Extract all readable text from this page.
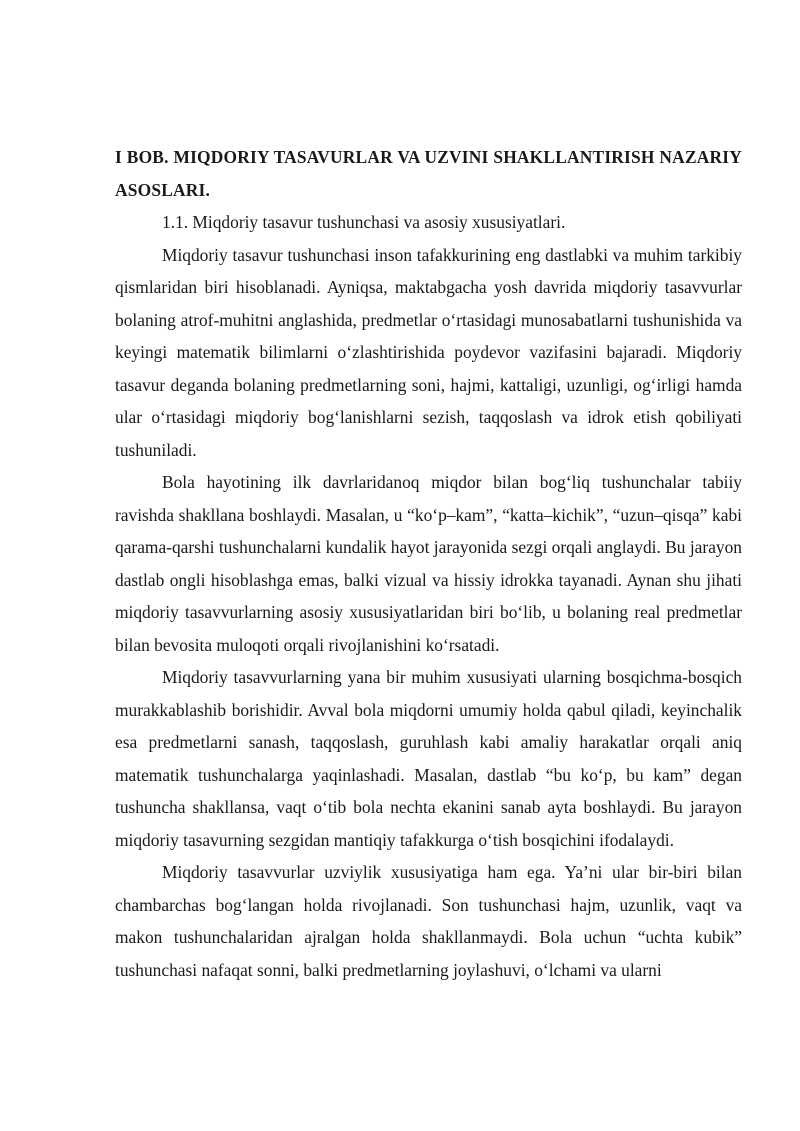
I BOB. MIQDORIY TASAVURLAR VA UZVINI SHAKLLANTIRISH NAZARIY ASOSLARI.

1.1. Miqdoriy tasavur tushunchasi va asosiy xususiyatlari.

Miqdoriy tasavur tushunchasi inson tafakkurining eng dastlabki va muhim tarkibiy qismlaridan biri hisoblanadi. Ayniqsa, maktabgacha yosh davrida miqdoriy tasavvurlar bolaning atrof-muhitni anglashida, predmetlar o‘rtasidagi munosabatlarni tushunishida va keyingi matematik bilimlarni o‘zlashtirishida poydevor vazifasini bajaradi. Miqdoriy tasavur deganda bolaning predmetlarning soni, hajmi, kattaligi, uzunligi, og‘irligi hamda ular o‘rtasidagi miqdoriy bog‘lanishlarni sezish, taqqoslash va idrok etish qobiliyati tushuniladi.

Bola hayotining ilk davrlaridanoq miqdor bilan bog‘liq tushunchalar tabiiy ravishda shakllana boshlaydi. Masalan, u “ko‘p–kam”, “katta–kichik”, “uzun–qisqa” kabi qarama-qarshi tushunchalarni kundalik hayot jarayonida sezgi orqali anglaydi. Bu jarayon dastlab ongli hisoblashga emas, balki vizual va hissiy idrokka tayanadi. Aynan shu jihati miqdoriy tasavvurlarning asosiy xususiyatlaridan biri bo‘lib, u bolaning real predmetlar bilan bevosita muloqoti orqali rivojlanishini ko‘rsatadi.

Miqdoriy tasavvurlarning yana bir muhim xususiyati ularning bosqichma-bosqich murakkablashib borishidir. Avval bola miqdorni umumiy holda qabul qiladi, keyinchalik esa predmetlarni sanash, taqqoslash, guruhlash kabi amaliy harakatlar orqali aniq matematik tushunchalarga yaqinlashadi. Masalan, dastlab “bu ko‘p, bu kam” degan tushuncha shakllansa, vaqt o‘tib bola nechta ekanini sanab ayta boshlaydi. Bu jarayon miqdoriy tasavurning sezgidan mantiqiy tafakkurga o‘tish bosqichini ifodalaydi.

Miqdoriy tasavvurlar uzviylik xususiyatiga ham ega. Ya’ni ular bir-biri bilan chambarchas bog‘langan holda rivojlanadi. Son tushunchasi hajm, uzunlik, vaqt va makon tushunchalaridan ajralgan holda shakllanmaydi. Bola uchun “uchta kubik” tushunchasi nafaqat sonni, balki predmetlarning joylashuvi, o‘lchami va ularni
